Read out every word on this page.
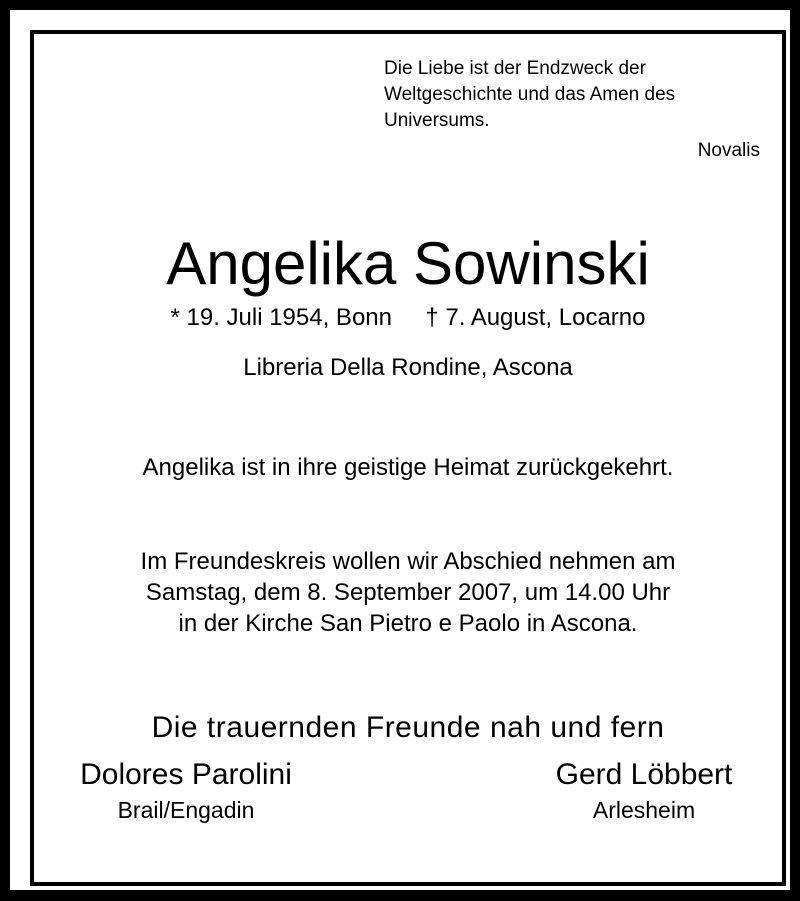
Die Liebe ist der Endzweck der
Weltgeschichte und das Amen des
Universums.
Novalis
Angelika Sowinski
* 19. Juli 1954, Bonn † 7. August, Locarno
Libreria Della Rondine, Ascona
Angelika ist in ihre geistige Heimat zurückgekehrt.
Im Freundeskreis wollen wir Abschied nehmen am
Samstag, dem 8. September 2007, um 14.00 Uhr
in der Kirche San Pietro e Paolo in Ascona.
Die trauernden Freunde nah und fern
Dolores Parolini
Brail/Engadin
Gerd Löbbert
Arlesheim
